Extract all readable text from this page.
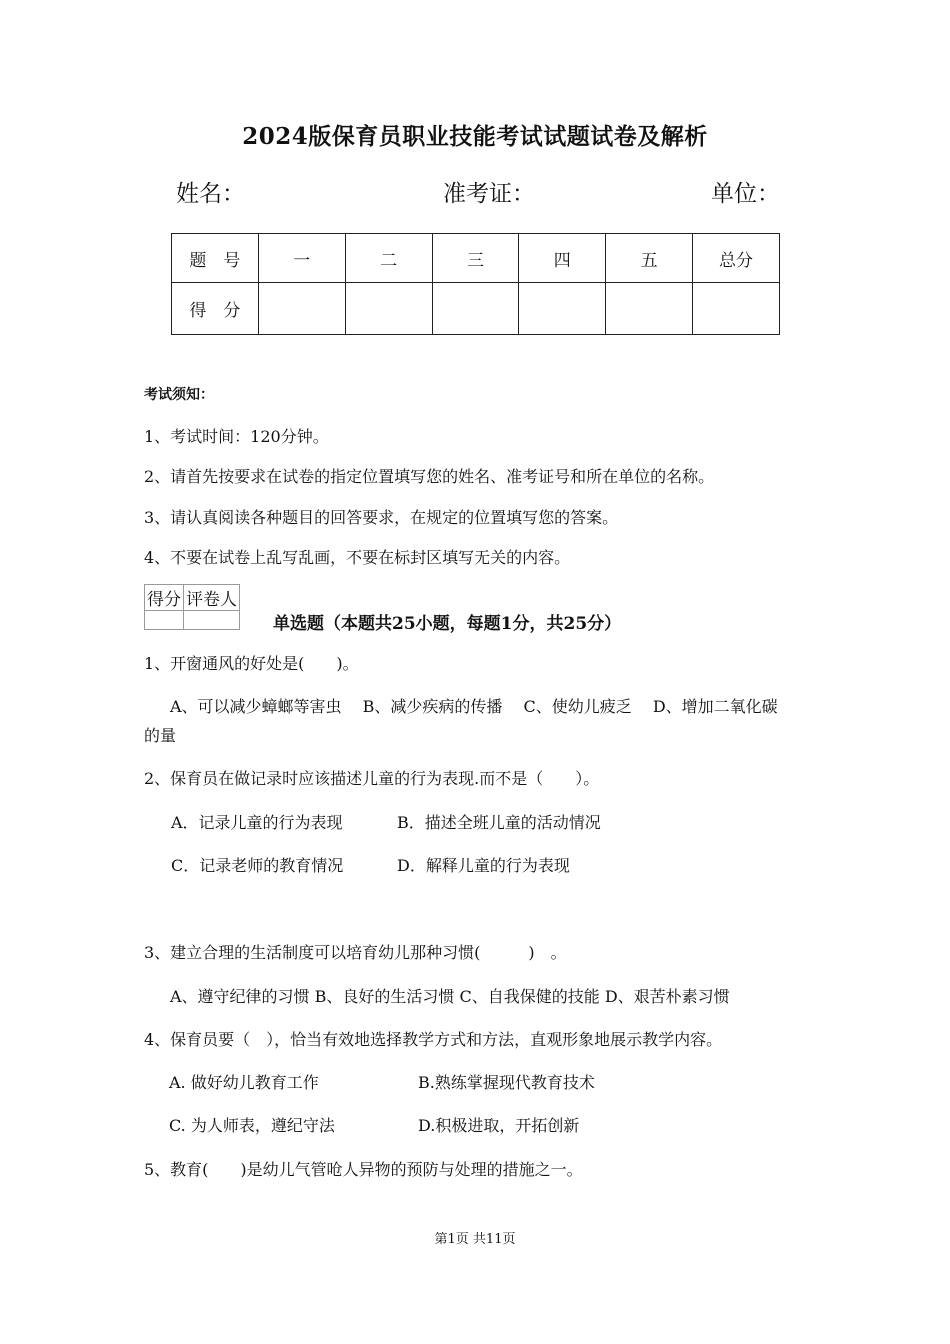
2024版保育员职业技能考试试题试卷及解析
姓名：	准考证：	单位：
题　号	一	二	三	四	五	总分
得　分						
考试须知：
1、考试时间：120分钟。
2、请首先按要求在试卷的指定位置填写您的姓名、准考证号和所在单位的名称。
3、请认真阅读各种题目的回答要求，在规定的位置填写您的答案。
4、不要在试卷上乱写乱画，不要在标封区填写无关的内容。
得分	评卷人

单选题（本题共25小题，每题1分，共25分）
1、开窗通风的好处是(　　)。
A、可以减少蟑螂等害虫　 B、减少疾病的传播　 C、使幼儿疲乏　 D、增加二氧化碳
的量
2、保育员在做记录时应该描述儿童的行为表现.而不是（　　）。
A．记录儿童的行为表现	B．描述全班儿童的活动情况
C．记录老师的教育情况	D．解释儿童的行为表现
3、建立合理的生活制度可以培育幼儿那种习惯(　　　)　。
A、遵守纪律的习惯 B、良好的生活习惯 C、自我保健的技能 D、艰苦朴素习惯
4、保育员要（　），恰当有效地选择教学方式和方法，直观形象地展示教学内容。
A. 做好幼儿教育工作	B.熟练掌握现代教育技术
C. 为人师表，遵纪守法	D.积极进取，开拓创新
5、教育(　　)是幼儿气管呛人异物的预防与处理的措施之一。
第1页 共11页
